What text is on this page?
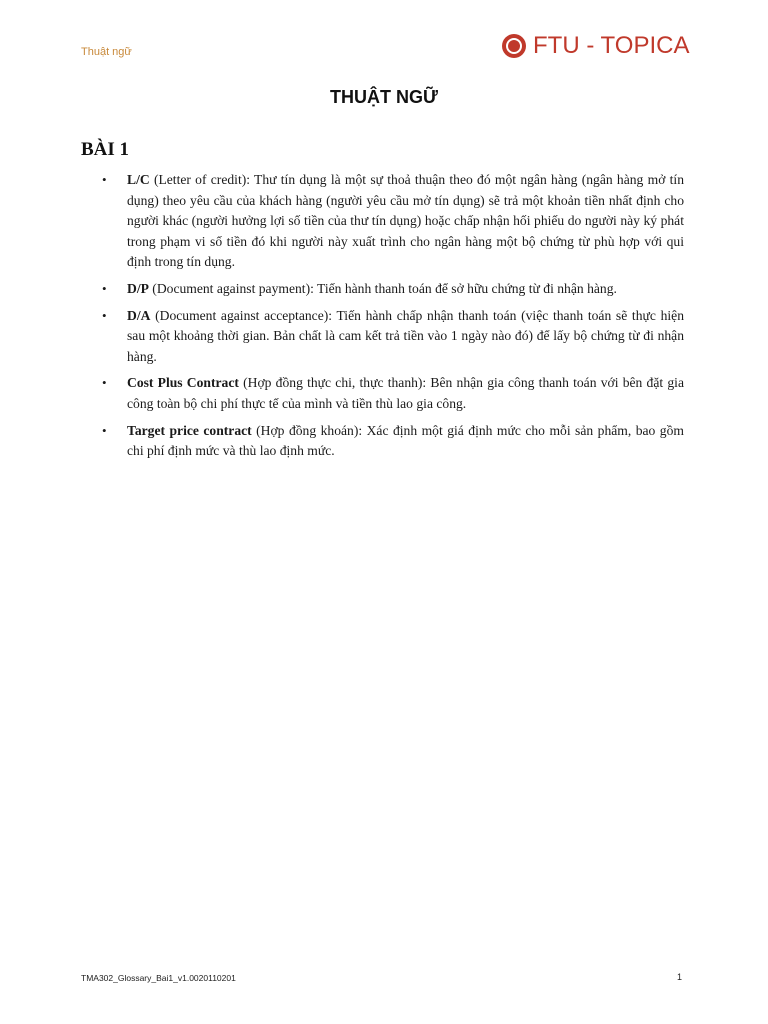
Thuật ngữ	FTU - TOPICA
THUẬT NGỮ
BÀI 1
• L/C (Letter of credit): Thư tín dụng là một sự thoả thuận theo đó một ngân hàng (ngân hàng mở tín dụng) theo yêu cầu của khách hàng (người yêu cầu mở tín dụng) sẽ trả một khoản tiền nhất định cho người khác (người hưởng lợi số tiền của thư tín dụng) hoặc chấp nhận hối phiếu do người này ký phát trong phạm vi số tiền đó khi người này xuất trình cho ngân hàng một bộ chứng từ phù hợp với qui định trong tín dụng.
• D/P (Document against payment): Tiến hành thanh toán để sở hữu chứng từ đi nhận hàng.
• D/A (Document against acceptance): Tiến hành chấp nhận thanh toán (việc thanh toán sẽ thực hiện sau một khoảng thời gian. Bản chất là cam kết trả tiền vào 1 ngày nào đó) để lấy bộ chứng từ đi nhận hàng.
• Cost Plus Contract (Hợp đồng thực chi, thực thanh): Bên nhận gia công thanh toán với bên đặt gia công toàn bộ chi phí thực tế của mình và tiền thù lao gia công.
• Target price contract (Hợp đồng khoán): Xác định một giá định mức cho mỗi sản phẩm, bao gồm chi phí định mức và thù lao định mức.
TMA302_Glossary_Bai1_v1.0020110201	1
